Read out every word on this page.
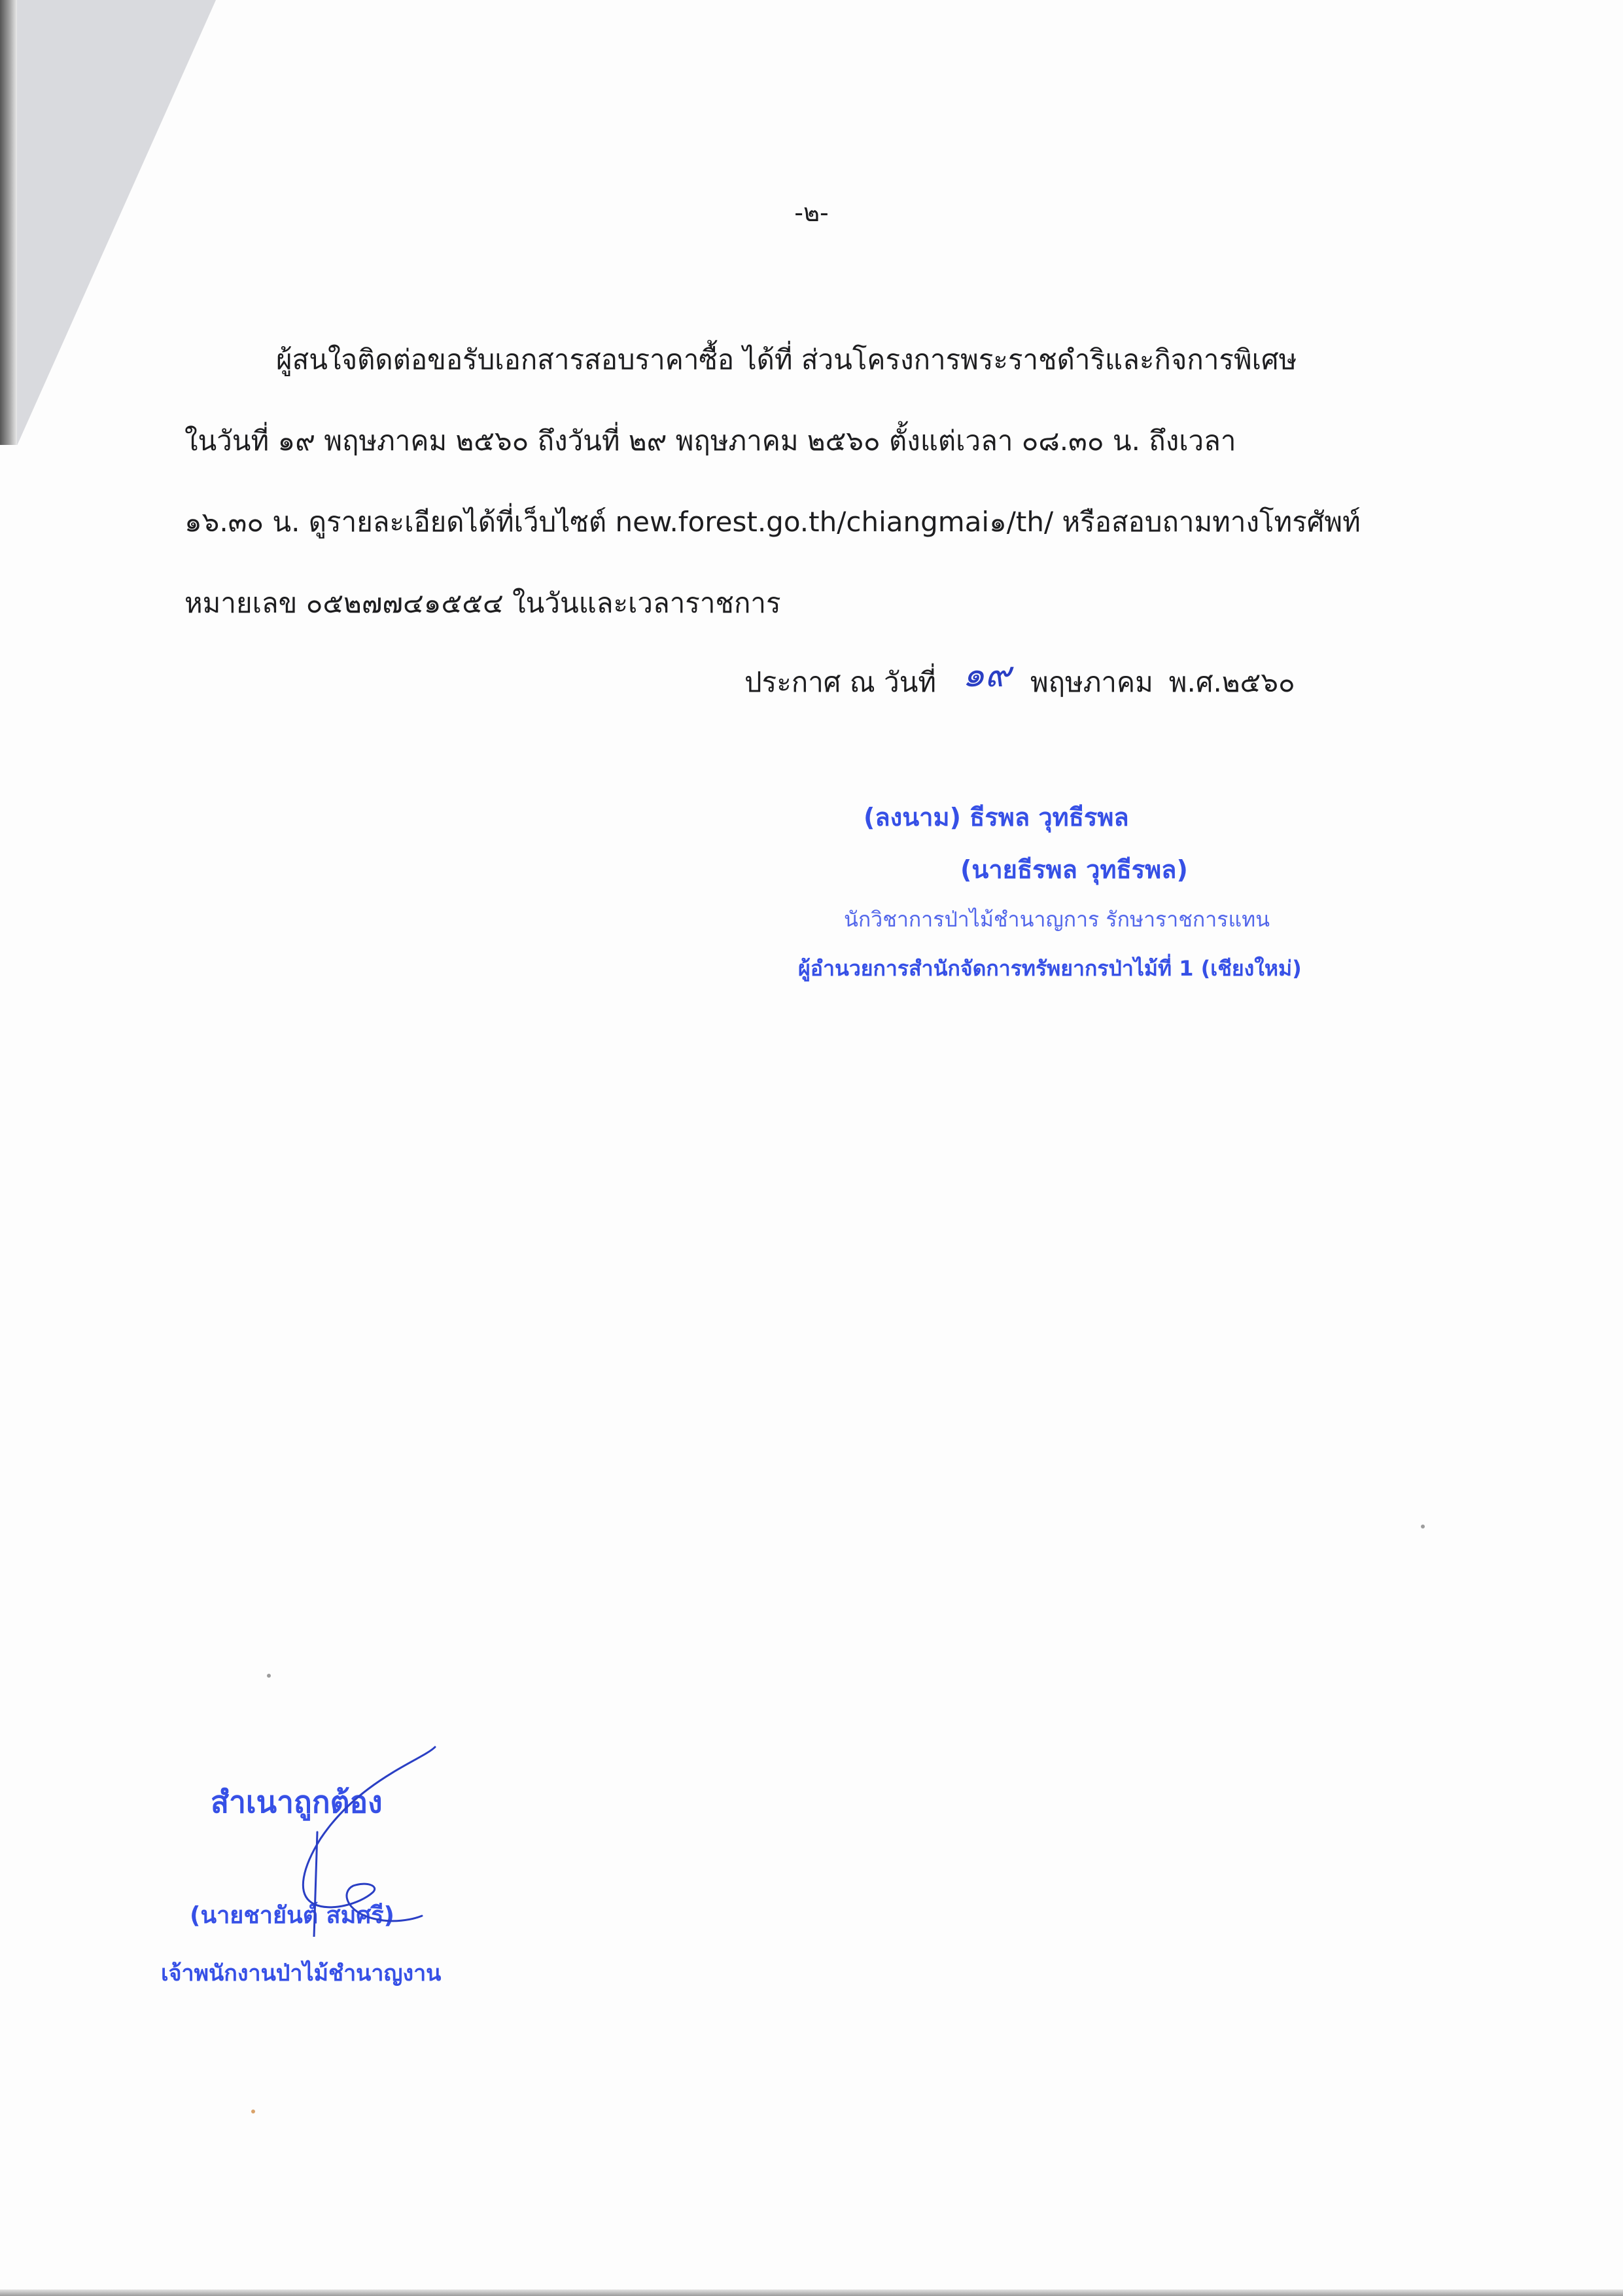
-๒-
ผู้สนใจติดต่อขอรับเอกสารสอบราคาซื้อ ได้ที่ ส่วนโครงการพระราชดำริและกิจการพิเศษ
ในวันที่ ๑๙ พฤษภาคม ๒๕๖๐ ถึงวันที่ ๒๙ พฤษภาคม ๒๕๖๐ ตั้งแต่เวลา ๐๘.๓๐ น. ถึงเวลา
๑๖.๓๐ น. ดูรายละเอียดได้ที่เว็บไซต์ new.forest.go.th/chiangmai๑/th/ หรือสอบถามทางโทรศัพท์
หมายเลข ๐๕๒๗๗๔๑๕๕๔ ในวันและเวลาราชการ
ประกาศ ณ วันที่ ๑๙ พฤษภาคม พ.ศ.๒๕๖๐
(ลงนาม) ธีรพล วุทธีรพล
(นายธีรพล วุทธีรพล)
นักวิชาการป่าไม้ชำนาญการ รักษาราชการแทน
ผู้อำนวยการสำนักจัดการทรัพยากรป่าไม้ที่ 1 (เชียงใหม่)
สำเนาถูกต้อง
(นายชายันต์ สมศรี)
เจ้าพนักงานป่าไม้ชำนาญงาน
